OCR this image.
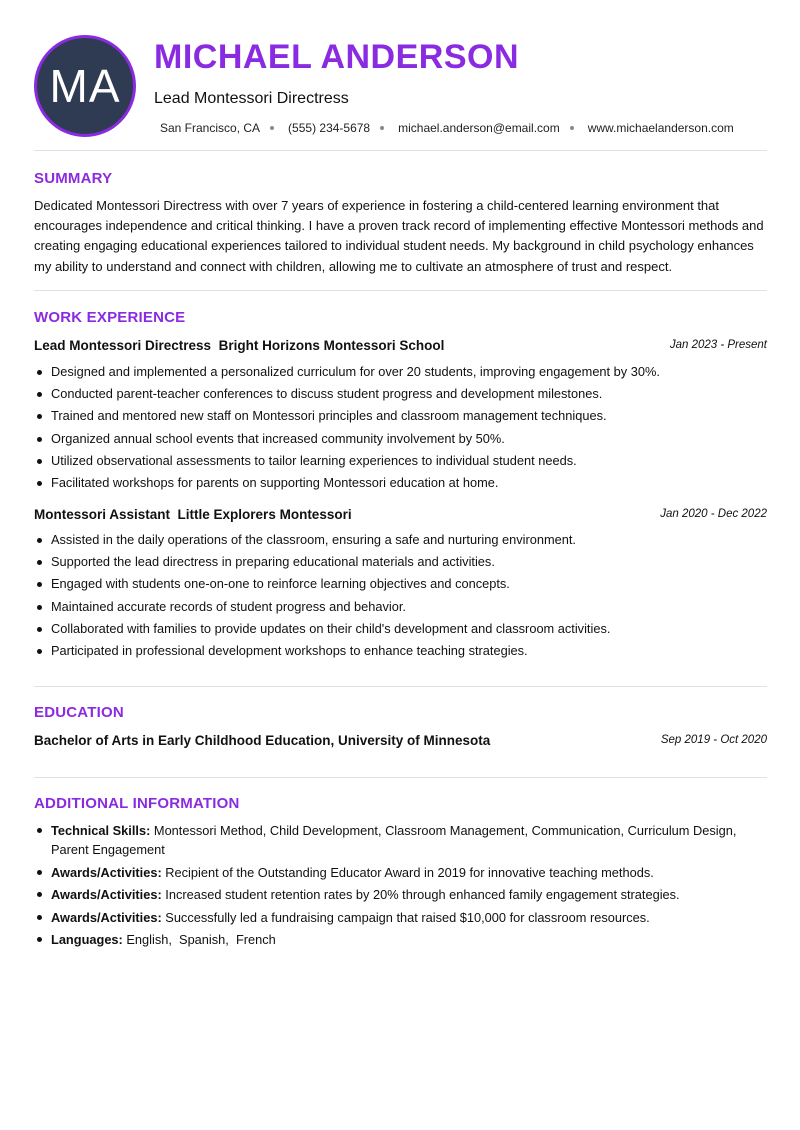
MA
MICHAEL ANDERSON
Lead Montessori Directress
San Francisco, CA (555) 234-5678 michael.anderson@email.com www.michaelanderson.com
SUMMARY

Dedicated Montessori Directress with over 7 years of experience in fostering a child-centered learning environment that encourages independence and critical thinking. I have a proven track record of implementing effective Montessori methods and creating engaging educational experiences tailored to individual student needs. My background in child psychology enhances my ability to understand and connect with children, allowing me to cultivate an atmosphere of trust and respect.

WORK EXPERIENCE
Lead Montessori Directress Bright Horizons Montessori School	Jan 2023 - Present
Designed and implemented a personalized curriculum for over 20 students, improving engagement by 30%.
Conducted parent-teacher conferences to discuss student progress and development milestones.
Trained and mentored new staff on Montessori principles and classroom management techniques.
Organized annual school events that increased community involvement by 50%.
Utilized observational assessments to tailor learning experiences to individual student needs.
Facilitated workshops for parents on supporting Montessori education at home.
Montessori Assistant Little Explorers Montessori	Jan 2020 - Dec 2022
Assisted in the daily operations of the classroom, ensuring a safe and nurturing environment.
Supported the lead directress in preparing educational materials and activities.
Engaged with students one-on-one to reinforce learning objectives and concepts.
Maintained accurate records of student progress and behavior.
Collaborated with families to provide updates on their child's development and classroom activities.
Participated in professional development workshops to enhance teaching strategies.
EDUCATION
Bachelor of Arts in Early Childhood Education, University of Minnesota	Sep 2019 - Oct 2020
ADDITIONAL INFORMATION
Technical Skills: Montessori Method, Child Development, Classroom Management, Communication, Curriculum Design, Parent Engagement
Awards/Activities: Recipient of the Outstanding Educator Award in 2019 for innovative teaching methods.
Awards/Activities: Increased student retention rates by 20% through enhanced family engagement strategies.
Awards/Activities: Successfully led a fundraising campaign that raised $10,000 for classroom resources.
Languages: English,  Spanish,  French
